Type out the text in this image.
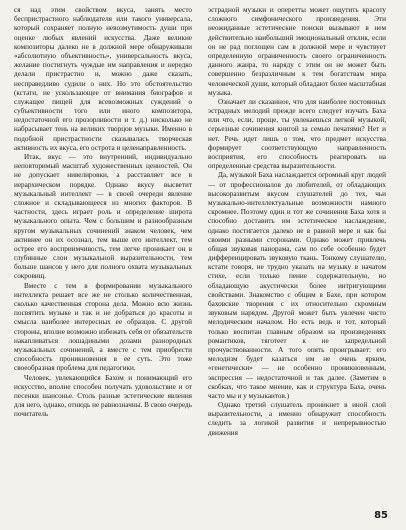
ся над этим свойством вкуса, занять место беспристрастного наблюдателя или такого универсала, который сохраняет полную невозмутимость души при оценке любых явлений искусства. Даже великие композиторы далеко не в должной мере обнаруживали «абсолютную объективность», универсальность вкуса, желание постигнуть чуждые им направления и нередко делали пристрастно и, можно даже сказать, несправедливо судили о них. Но это обстоятельство (кстати, не ускользающее от внимания биографов и служащее пищей для всевозможных суждений о субъективности того или иного композитора, недостаточной его прозорливости и т. д.) нисколько не набрасывает тень на великих творцов музыки. Именно в подобной пристрастности сказывалась творческая активность их вкуса, его острота и целенаправленность.

Итак, вкус — это внутренний, индивидуально неповторимый масштаб художественных ценностей. Он не допускает нивелировки, а расставляет все в иерархическом порядке. Однако вкусу высветит музыкальный интеллект — в своей очереди явление сложное и складывающееся из многих факторов. В частности, здесь играет роль и определение широта музыкального опыта. Чем с большим и разнообразным кругом музыкальных сочинений знаком человек, чем активнее он их осознал, тем выше его интеллект, тем острее его восприимчивость, тем легче проникает он в глубинные слои музыкальной выразительности, тем больше шансов у него для полного охвата музыкальных сокровищ.

Вместе с тем в формировании музыкального интеллекта решает все же не столько количественная, сколько качественная сторона дела. Можно всю жизнь посвятить музыке и так и не добраться до красоты и смысла наиболее интересных ее образцов. С другой стороны, вполне возможно избежать себя от обязательств накапливаться лошадиными дозами разнородных музыкальных сочинений, а вместе с тем приобрести способность проникновения в ее суть. Это тоже своеобразная проблема для педагогики.

Человек, увлекающийся Бахом и понимающий его искусство, вполне способен получать удовольствие и от песенки шансонье. Столь разные эстетические явления для него, однако, отнюдь не равнозначны. В свою очередь почитатель

эстрадной музыки и оперетты может ощутить красоту сложного симфонического произведения. Эти неожиданные эстетические поиски вызывают в нем действительно наибольший эмоциональный отклик, если он не рад поглощен сам в должной мере и чувствует определенную ограниченность своего ограниченность данного жанра, то наряду с этим он не может быть совершенно безразличным к тем богатствам мира человеческой души, который обладают более масштабная музыка.

Означает ли сказанное, что для наиболее постоянных эстрадных мелодий прежде всего следует изучать Баха или что, если, проще, ты увлекаешься легкой музыкой, серьезные сочинения книгой за семью печатями? Нет и нет. Речь идет лишь о том, что предмет искусства формирует соответствующую направленность восприятия, его способность реагировать на определенные средства выразительности.

Да, музыкой Баха наслаждается огромный круг людей — от профессионалов до любителей, от обладающих высокоразвитым вкусом слушателей до тех, чьи музыкально-интеллектуальные возможности намного скромнее. Поэтому один и тот же сочинения Баха хотя и способно доставить им эстетическое наслаждение, однако постигается далеко не в равной мере и как бы своими разными сторонами. Однако может привлечь общая звуковая панорама, сам по себе особенно будет дифференцировать звуковую ткань. Тонкому слушателю, кстати говоря, не трудно указать на музыку в начатом стихе, если только пение содержательную, но обладающую акустически более интригующими свойствами. Знакомство с общим в Бахе, при котором баховские творения с их относительно скромным звуковым нарядом. Другой может быть увлечен чисто мелодическим началом. Но есть ведь и тот, который только воспитан главным образом на произведениях романтиков, тяготеет к не запредельной прочувствованности. А того опять проигрывает: его мелодизм будет казаться им не очень ярким, «генетически» — не особенно проникновенным, экспрессия — недостаточной и так далее. (Заметим в скобках, что такое мнение, как и структура Баха, очень часто мы и у музыкантов.)

Однако третий слушатель проникнет в иной слой выразительности, а именно обнаружит способность следить за логикой развития и непрерывностью движения

85
